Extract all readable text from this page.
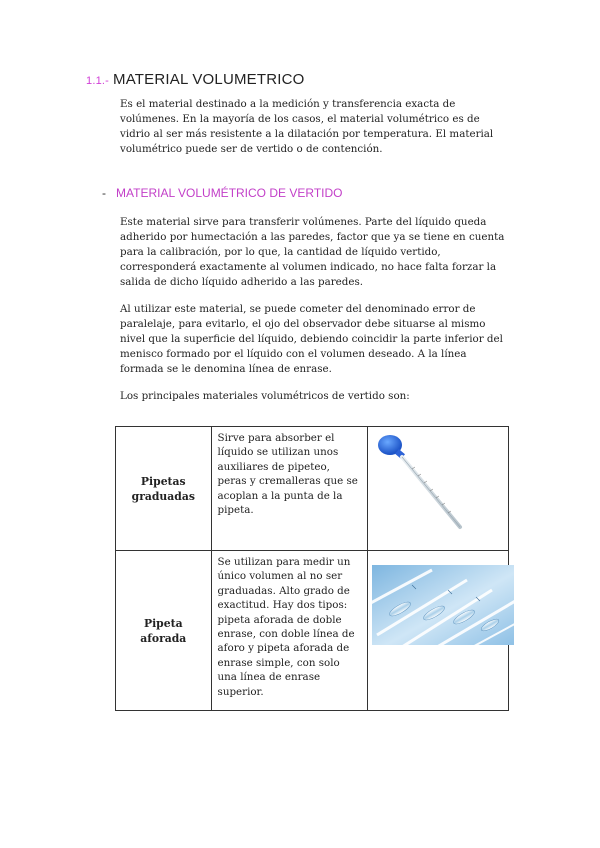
1.1.- MATERIAL VOLUMETRICO
Es el material destinado a la medición y transferencia exacta de volúmenes. En la mayoría de los casos, el material volumétrico es de vidrio al ser más resistente a la dilatación por temperatura. El material volumétrico puede ser de vertido o de contención.
- MATERIAL VOLUMÉTRICO DE VERTIDO
Este material sirve para transferir volúmenes. Parte del líquido queda adherido por humectación a las paredes, factor que ya se tiene en cuenta para la calibración, por lo que, la cantidad de líquido vertido, corresponderá exactamente al volumen indicado, no hace falta forzar la salida de dicho líquido adherido a las paredes.
Al utilizar este material, se puede cometer del denominado error de paralelaje, para evitarlo, el ojo del observador debe situarse al mismo nivel que la superficie del líquido, debiendo coincidir la parte inferior del menisco formado por el líquido con el volumen deseado. A la línea formada se le denomina línea de enrase.
Los principales materiales volumétricos de vertido son:
Pipetas graduadas	Sirve para absorber el líquido se utilizan unos auxiliares de pipeteo, peras y cremalleras que se acoplan a la punta de la pipeta.	

Pipeta aforada	Se utilizan para medir un único volumen al no ser graduadas. Alto grado de exactitud. Hay dos tipos: pipeta aforada de doble enrase, con doble línea de aforo y pipeta aforada de enrase simple, con solo una línea de enrase superior.	
